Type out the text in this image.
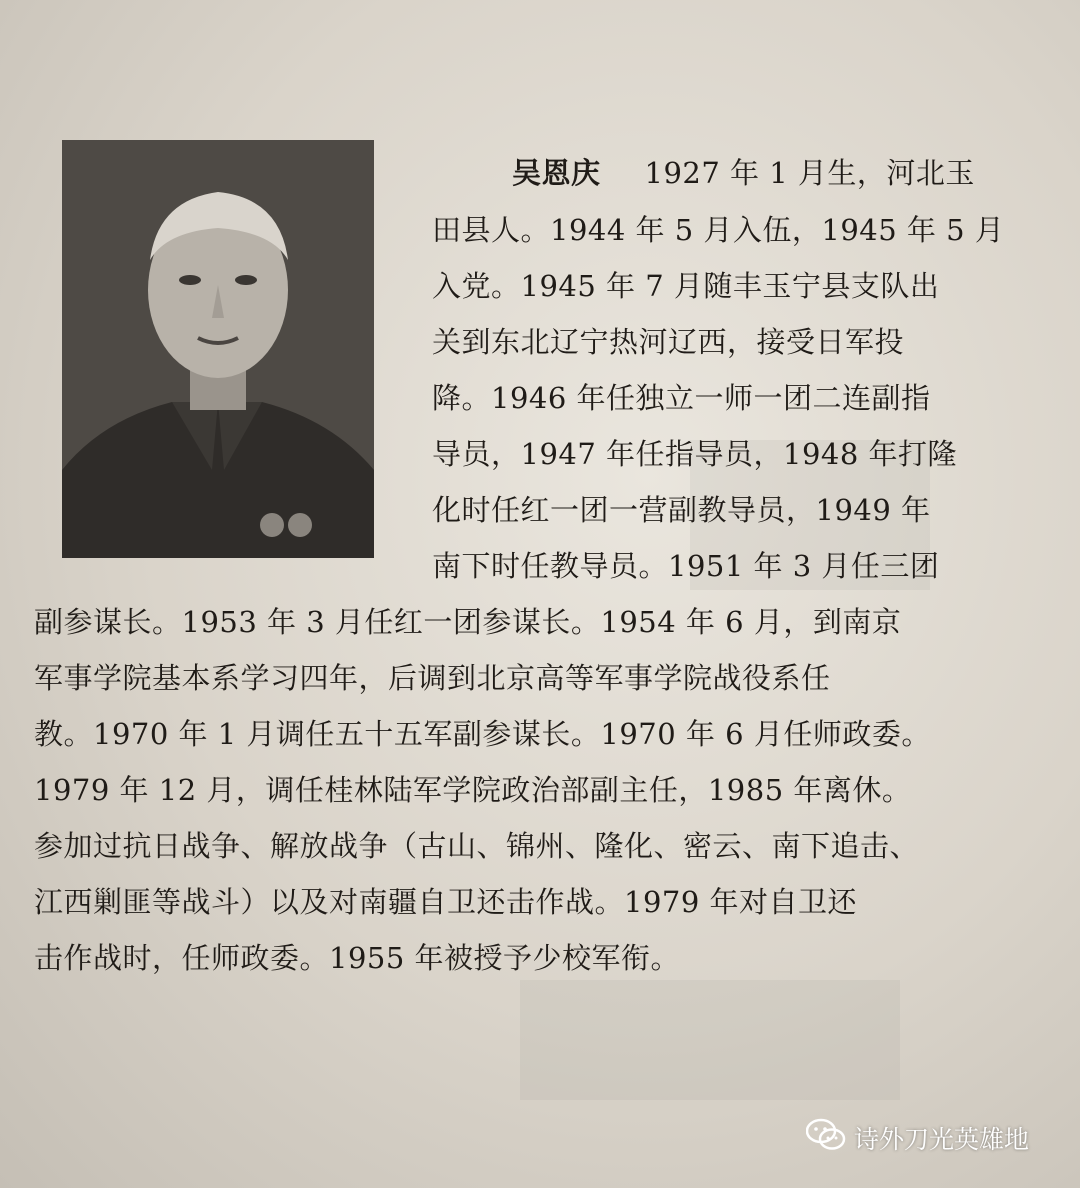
吴恩庆 1927 年 1 月生，河北玉
田县人。1944 年 5 月入伍，1945 年 5 月
入党。1945 年 7 月随丰玉宁县支队出
关到东北辽宁热河辽西，接受日军投
降。1946 年任独立一师一团二连副指
导员，1947 年任指导员，1948 年打隆
化时任红一团一营副教导员，1949 年
南下时任教导员。1951 年 3 月任三团
副参谋长。1953 年 3 月任红一团参谋长。1954 年 6 月，到南京
军事学院基本系学习四年，后调到北京高等军事学院战役系任
教。1970 年 1 月调任五十五军副参谋长。1970 年 6 月任师政委。
1979 年 12 月，调任桂林陆军学院政治部副主任，1985 年离休。
参加过抗日战争、解放战争（古山、锦州、隆化、密云、南下追击、
江西剿匪等战斗）以及对南疆自卫还击作战。1979 年对自卫还
击作战时，任师政委。1955 年被授予少校军衔。
诗外刀光英雄地
